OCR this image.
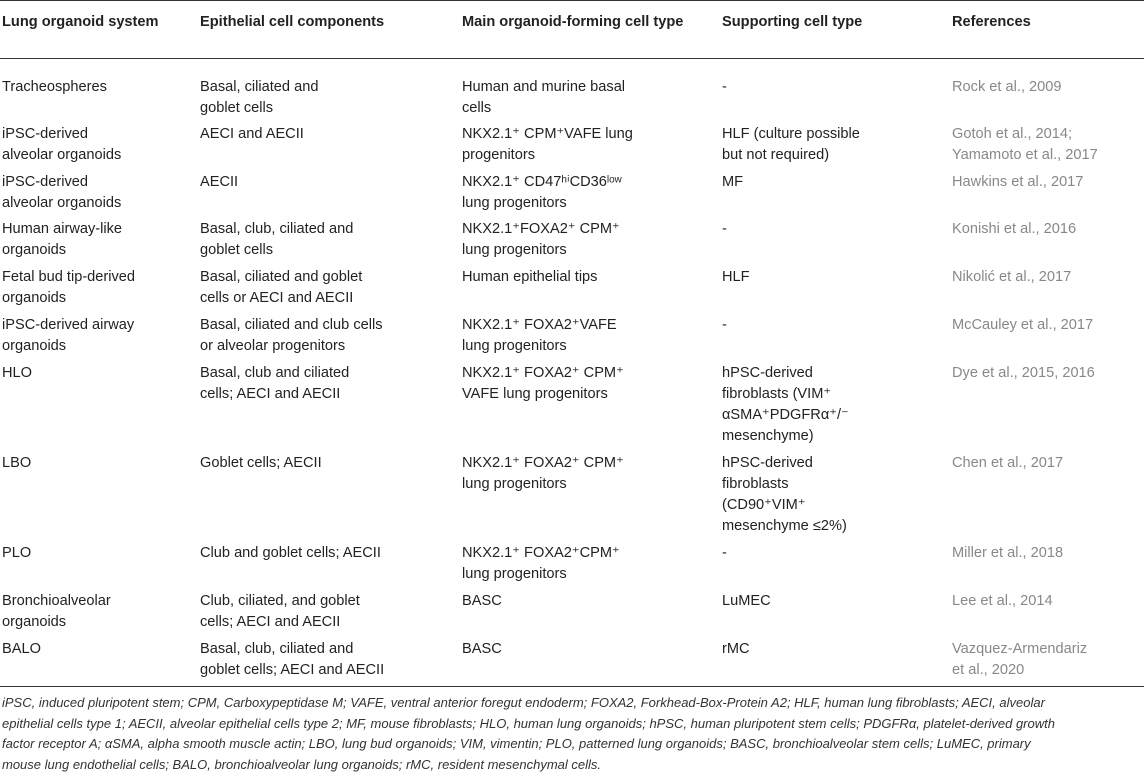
Lung organoid system	Epithelial cell components	Main organoid-forming cell type	Supporting cell type	References

Tracheospheres	Basal, ciliated and
goblet cells	Human and murine basal
cells	-	Rock et al., 2009

iPSC-derived
alveolar organoids	AECI and AECII	NKX2.1⁺ CPM⁺VAFE lung
progenitors	HLF (culture possible
but not required)	Gotoh et al., 2014;
Yamamoto et al., 2017

iPSC-derived
alveolar organoids	AECII	NKX2.1⁺ CD47ʰⁱCD36ˡᵒʷ
lung progenitors	MF	Hawkins et al., 2017

Human airway-like
organoids	Basal, club, ciliated and
goblet cells	NKX2.1⁺FOXA2⁺ CPM⁺
lung progenitors	-	Konishi et al., 2016

Fetal bud tip-derived
organoids	Basal, ciliated and goblet
cells or AECI and AECII	Human epithelial tips	HLF	Nikolić et al., 2017

iPSC-derived airway
organoids	Basal, ciliated and club cells
or alveolar progenitors	NKX2.1⁺ FOXA2⁺VAFE
lung progenitors	-	McCauley et al., 2017

HLO	Basal, club and ciliated
cells; AECI and AECII	NKX2.1⁺ FOXA2⁺ CPM⁺
VAFE lung progenitors	hPSC-derived
fibroblasts (VIM⁺
αSMA⁺PDGFRα⁺/⁻
mesenchyme)	Dye et al., 2015, 2016

LBO	Goblet cells; AECII	NKX2.1⁺ FOXA2⁺ CPM⁺
lung progenitors	hPSC-derived
fibroblasts
(CD90⁺VIM⁺
mesenchyme ≤2%)	Chen et al., 2017

PLO	Club and goblet cells; AECII	NKX2.1⁺ FOXA2⁺CPM⁺
lung progenitors	-	Miller et al., 2018

Bronchioalveolar
organoids	Club, ciliated, and goblet
cells; AECI and AECII	BASC	LuMEC	Lee et al., 2014

BALO	Basal, club, ciliated and
goblet cells; AECI and AECII	BASC	rMC	Vazquez-Armendariz
et al., 2020
iPSC, induced pluripotent stem; CPM, Carboxypeptidase M; VAFE, ventral anterior foregut endoderm; FOXA2, Forkhead-Box-Protein A2; HLF, human lung fibroblasts; AECI, alveolar
epithelial cells type 1; AECII, alveolar epithelial cells type 2; MF, mouse fibroblasts; HLO, human lung organoids; hPSC, human pluripotent stem cells; PDGFRα, platelet-derived growth
factor receptor A; αSMA, alpha smooth muscle actin; LBO, lung bud organoids; VIM, vimentin; PLO, patterned lung organoids; BASC, bronchioalveolar stem cells; LuMEC, primary
mouse lung endothelial cells; BALO, bronchioalveolar lung organoids; rMC, resident mesenchymal cells.
